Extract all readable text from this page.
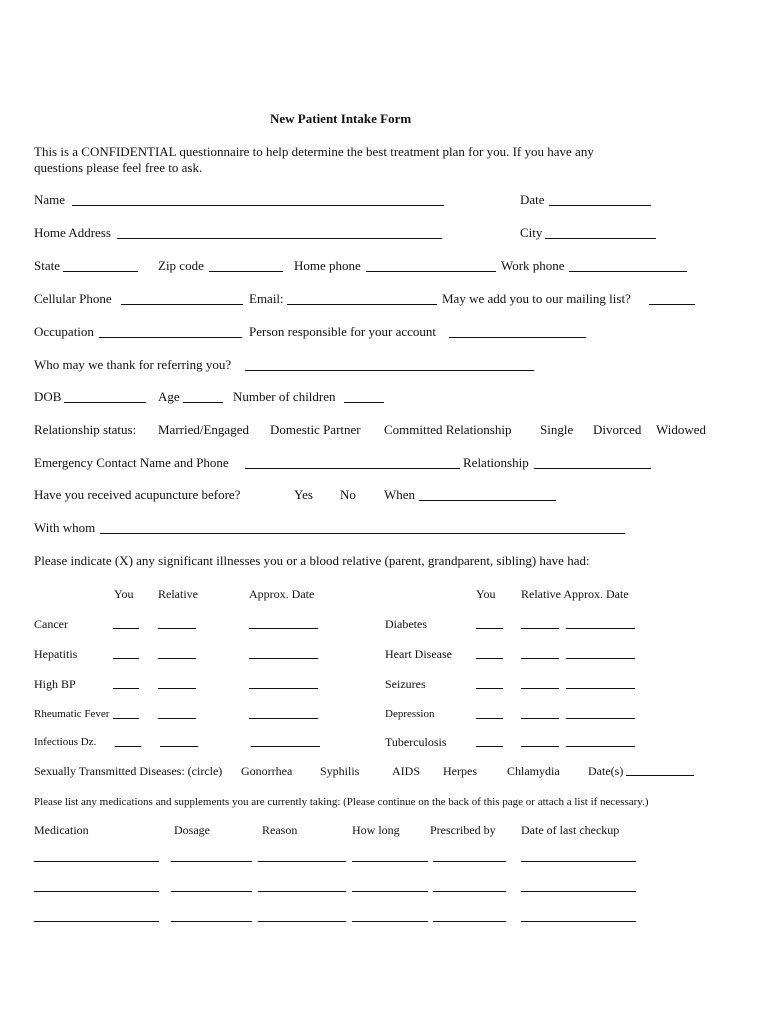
New Patient Intake Form
This is a CONFIDENTIAL questionnaire to help determine the best treatment plan for you. If you have any
questions please feel free to ask.
Name	Date
Home Address	City
State	Zip code	Home phone	Work phone
Cellular Phone	Email:	May we add you to our mailing list?
Occupation	Person responsible for your account
Who may we thank for referring you?
DOB	Age	Number of children
Relationship status: Married/Engaged Domestic Partner Committed Relationship Single Divorced Widowed
Emergency Contact Name and Phone	Relationship
Have you received acupuncture before?	Yes No When
With whom
Please indicate (X) any significant illnesses you or a blood relative (parent, grandparent, sibling) have had:
You Relative	Approx. Date	You Relative Approx. Date
Cancer	Diabetes
Hepatitis	Heart Disease
High BP	Seizures
Rheumatic Fever	Depression
Infectious Dz.	Tuberculosis
Sexually Transmitted Diseases: (circle) Gonorrhea Syphilis	AIDS Herpes	Chlamydia Date(s)
Please list any medications and supplements you are currently taking: (Please continue on the back of this page or attach a list if necessary.)
Medication	Dosage	Reason	How long	Prescribed by Date of last checkup
